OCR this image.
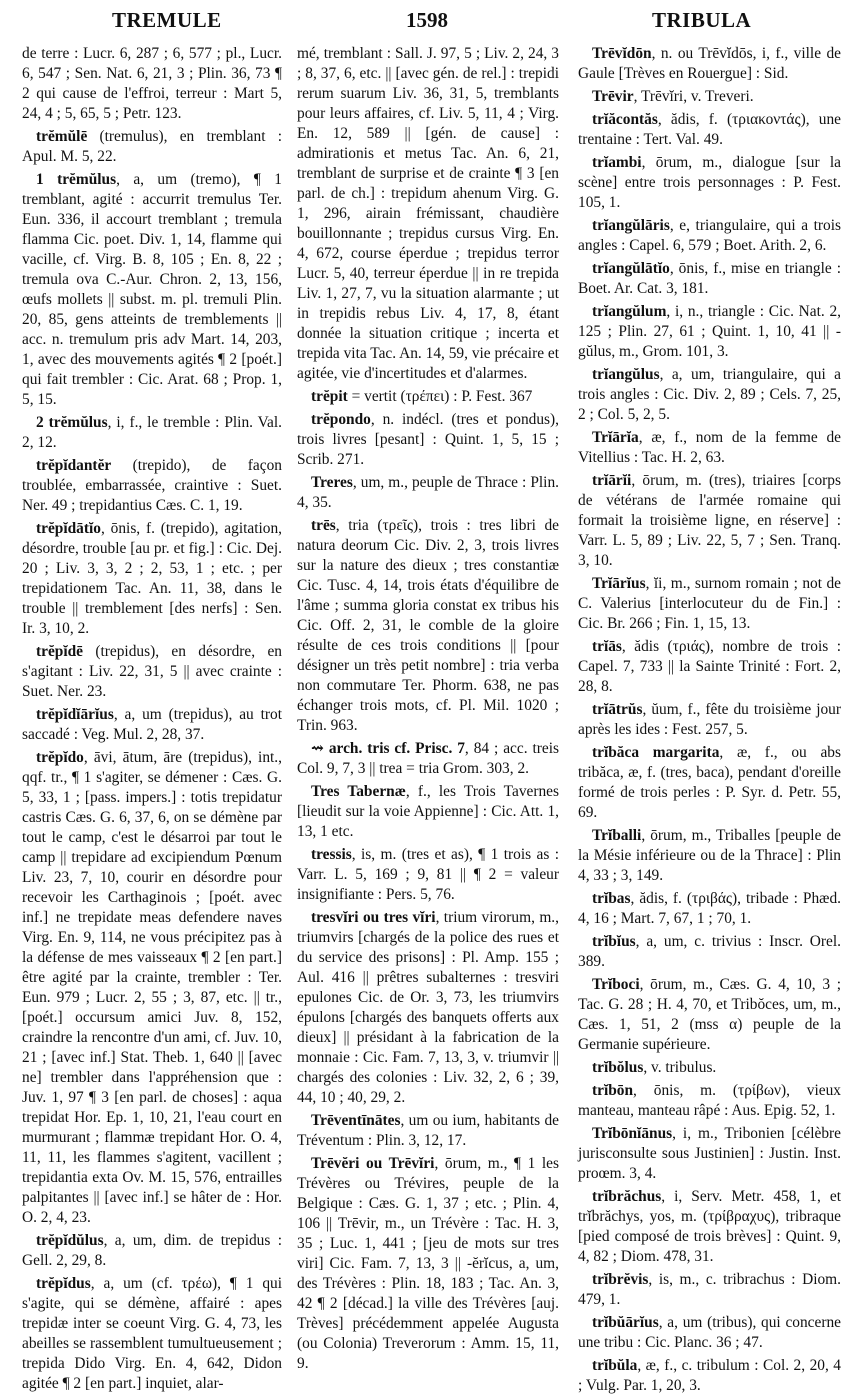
TREMULE	1598	TRIBULA

de terre : Lucr. 6, 287 ; 6, 577 ; pl., Lucr. 6, 547 ; Sen. Nat. 6, 21, 3 ; Plin. 36, 73 ¶ 2 qui cause de l'effroi, terreur : Mart 5, 24, 4 ; 5, 65, 5 ; Petr. 123.

trĕmŭlē (tremulus), en tremblant : Apul. M. 5, 22.

1 trĕmŭlus, a, um (tremo), ¶ 1 tremblant, agité : accurrit tremulus Ter. Eun. 336, il accourt tremblant ; tremula flamma Cic. poet. Div. 1, 14, flamme qui vacille, cf. Virg. B. 8, 105 ; En. 8, 22 ; tremula ova C.-Aur. Chron. 2, 13, 156, œufs mollets || subst. m. pl. tremuli Plin. 20, 85, gens atteints de tremblements || acc. n. tremulum pris adv Mart. 14, 203, 1, avec des mouvements agités ¶ 2 [poét.] qui fait trembler : Cic. Arat. 68 ; Prop. 1, 5, 15.

2 trĕmŭlus, i, f., le tremble : Plin. Val. 2, 12.

trĕpĭdantĕr (trepido), de façon troublée, embarrassée, craintive : Suet. Ner. 49 ; trepidantius Cæs. C. 1, 19.

trĕpĭdātĭo, ōnis, f. (trepido), agitation, désordre, trouble [au pr. et fig.] : Cic. Dej. 20 ; Liv. 3, 3, 2 ; 2, 53, 1 ; etc. ; per trepidationem Tac. An. 11, 38, dans le trouble || tremblement [des nerfs] : Sen. Ir. 3, 10, 2.

trĕpĭdē (trepidus), en désordre, en s'agitant : Liv. 22, 31, 5 || avec crainte : Suet. Ner. 23.

trĕpĭdĭārĭus, a, um (trepidus), au trot saccadé : Veg. Mul. 2, 28, 37.

trĕpĭdo, āvi, ātum, āre (trepidus), int., qqf. tr., ¶ 1 s'agiter, se démener : Cæs. G. 5, 33, 1 ; [pass. impers.] : totis trepidatur castris Cæs. G. 6, 37, 6, on se démène par tout le camp, c'est le désarroi par tout le camp || trepidare ad excipiendum Pœnum Liv. 23, 7, 10, courir en désordre pour recevoir les Carthaginois ; [poét. avec inf.] ne trepidate meas defendere naves Virg. En. 9, 114, ne vous précipitez pas à la défense de mes vaisseaux ¶ 2 [en part.] être agité par la crainte, trembler : Ter. Eun. 979 ; Lucr. 2, 55 ; 3, 87, etc. || tr., [poét.] occursum amici Juv. 8, 152, craindre la rencontre d'un ami, cf. Juv. 10, 21 ; [avec inf.] Stat. Theb. 1, 640 || [avec ne] trembler dans l'appréhension que : Juv. 1, 97 ¶ 3 [en parl. de choses] : aqua trepidat Hor. Ep. 1, 10, 21, l'eau court en murmurant ; flammæ trepidant Hor. O. 4, 11, 11, les flammes s'agitent, vacillent ; trepidantia exta Ov. M. 15, 576, entrailles palpitantes || [avec inf.] se hâter de : Hor. O. 2, 4, 23.

trĕpĭdŭlus, a, um, dim. de trepidus : Gell. 2, 29, 8.

trĕpĭdus, a, um (cf. τρέω), ¶ 1 qui s'agite, qui se démène, affairé : apes trepidæ inter se coeunt Virg. G. 4, 73, les abeilles se rassemblent tumultueusement ; trepida Dido Virg. En. 4, 642, Didon agitée ¶ 2 [en part.] inquiet, alar-

mé, tremblant : Sall. J. 97, 5 ; Liv. 2, 24, 3 ; 8, 37, 6, etc. || [avec gén. de rel.] : trepidi rerum suarum Liv. 36, 31, 5, tremblants pour leurs affaires, cf. Liv. 5, 11, 4 ; Virg. En. 12, 589 || [gén. de cause] : admirationis et metus Tac. An. 6, 21, tremblant de surprise et de crainte ¶ 3 [en parl. de ch.] : trepidum ahenum Virg. G. 1, 296, airain frémissant, chaudière bouillonnante ; trepidus cursus Virg. En. 4, 672, course éperdue ; trepidus terror Lucr. 5, 40, terreur éperdue || in re trepida Liv. 1, 27, 7, vu la situation alarmante ; ut in trepidis rebus Liv. 4, 17, 8, étant donnée la situation critique ; incerta et trepida vita Tac. An. 14, 59, vie précaire et agitée, vie d'incertitudes et d'alarmes.

trĕpit = vertit (τρέπει) : P. Fest. 367

trĕpondo, n. indécl. (tres et pondus), trois livres [pesant] : Quint. 1, 5, 15 ; Scrib. 271.

Treres, um, m., peuple de Thrace : Plin. 4, 35.

trēs, tria (τρεῖς), trois : tres libri de natura deorum Cic. Div. 2, 3, trois livres sur la nature des dieux ; tres constantiæ Cic. Tusc. 4, 14, trois états d'équilibre de l'âme ; summa gloria constat ex tribus his Cic. Off. 2, 31, le comble de la gloire résulte de ces trois conditions || [pour désigner un très petit nombre] : tria verba non commutare Ter. Phorm. 638, ne pas échanger trois mots, cf. Pl. Mil. 1020 ; Trin. 963.

⇝ arch. tris cf. Prisc. 7, 84 ; acc. treis Col. 9, 7, 3 || trea = tria Grom. 303, 2.

Tres Tabernæ, f., les Trois Tavernes [lieudit sur la voie Appienne] : Cic. Att. 1, 13, 1 etc.

tressis, is, m. (tres et as), ¶ 1 trois as : Varr. L. 5, 169 ; 9, 81 || ¶ 2 = valeur insignifiante : Pers. 5, 76.

tresvĭri ou tres vĭri, trium virorum, m., triumvirs [chargés de la police des rues et du service des prisons] : Pl. Amp. 155 ; Aul. 416 || prêtres subalternes : tresviri epulones Cic. de Or. 3, 73, les triumvirs épulons [chargés des banquets offerts aux dieux] || présidant à la fabrication de la monnaie : Cic. Fam. 7, 13, 3, v. triumvir || chargés des colonies : Liv. 32, 2, 6 ; 39, 44, 10 ; 40, 29, 2.

Trēventīnātes, um ou ium, habitants de Tréventum : Plin. 3, 12, 17.

Trēvĕri ou Trēvĭri, ōrum, m., ¶ 1 les Trévères ou Trévires, peuple de la Belgique : Cæs. G. 1, 37 ; etc. ; Plin. 4, 106 || Trēvir, m., un Trévère : Tac. H. 3, 35 ; Luc. 1, 441 ; [jeu de mots sur tres viri] Cic. Fam. 7, 13, 3 || -ĕrĭcus, a, um, des Trévères : Plin. 18, 183 ; Tac. An. 3, 42 ¶ 2 [décad.] la ville des Trévères [auj. Trèves] précédemment appelée Augusta (ou Colonia) Treverorum : Amm. 15, 11, 9.

Trēvĭdōn, n. ou Trēvĭdōs, i, f., ville de Gaule [Trèves en Rouergue] : Sid.

Trēvir, Trēvĭri, v. Treveri.

trĭăcontăs, ădis, f. (τριακοντάς), une trentaine : Tert. Val. 49.

trĭambi, ōrum, m., dialogue [sur la scène] entre trois personnages : P. Fest. 105, 1.

trĭangŭlāris, e, triangulaire, qui a trois angles : Capel. 6, 579 ; Boet. Arith. 2, 6.

trĭangŭlātĭo, ōnis, f., mise en triangle : Boet. Ar. Cat. 3, 181.

trĭangŭlum, i, n., triangle : Cic. Nat. 2, 125 ; Plin. 27, 61 ; Quint. 1, 10, 41 || -gŭlus, m., Grom. 101, 3.

trĭangŭlus, a, um, triangulaire, qui a trois angles : Cic. Div. 2, 89 ; Cels. 7, 25, 2 ; Col. 5, 2, 5.

Trĭārĭa, æ, f., nom de la femme de Vitellius : Tac. H. 2, 63.

trĭārĭi, ōrum, m. (tres), triaires [corps de vétérans de l'armée romaine qui formait la troisième ligne, en réserve] : Varr. L. 5, 89 ; Liv. 22, 5, 7 ; Sen. Tranq. 3, 10.

Trĭārĭus, ĭi, m., surnom romain ; not de C. Valerius [interlocuteur du de Fin.] : Cic. Br. 266 ; Fin. 1, 15, 13.

trĭās, ădis (τριάς), nombre de trois : Capel. 7, 733 || la Sainte Trinité : Fort. 2, 28, 8.

trĭātrŭs, ŭum, f., fête du troisième jour après les ides : Fest. 257, 5.

trĭbăca margarita, æ, f., ou abs tribăca, æ, f. (tres, baca), pendant d'oreille formé de trois perles : P. Syr. d. Petr. 55, 69.

Trĭballi, ōrum, m., Triballes [peuple de la Mésie inférieure ou de la Thrace] : Plin 4, 33 ; 3, 149.

trĭbas, ădis, f. (τριβάς), tribade : Phæd. 4, 16 ; Mart. 7, 67, 1 ; 70, 1.

trĭbĭus, a, um, c. trivius : Inscr. Orel. 389.

Trĭboci, ōrum, m., Cæs. G. 4, 10, 3 ; Tac. G. 28 ; H. 4, 70, et Tribŏces, um, m., Cæs. 1, 51, 2 (mss α) peuple de la Germanie supérieure.

trĭbŏlus, v. tribulus.

trĭbōn, ōnis, m. (τρίβων), vieux manteau, manteau râpé : Aus. Epig. 52, 1.

Trĭbōnĭānus, i, m., Tribonien [célèbre jurisconsulte sous Justinien] : Justin. Inst. proœm. 3, 4.

trĭbrăchus, i, Serv. Metr. 458, 1, et trĭbrăchys, yos, m. (τρίβραχυς), tribraque [pied composé de trois brèves] : Quint. 9, 4, 82 ; Diom. 478, 31.

trĭbrĕvis, is, m., c. tribrachus : Diom. 479, 1.

trĭbŭārĭus, a, um (tribus), qui concerne une tribu : Cic. Planc. 36 ; 47.

trĭbŭla, æ, f., c. tribulum : Col. 2, 20, 4 ; Vulg. Par. 1, 20, 3.
